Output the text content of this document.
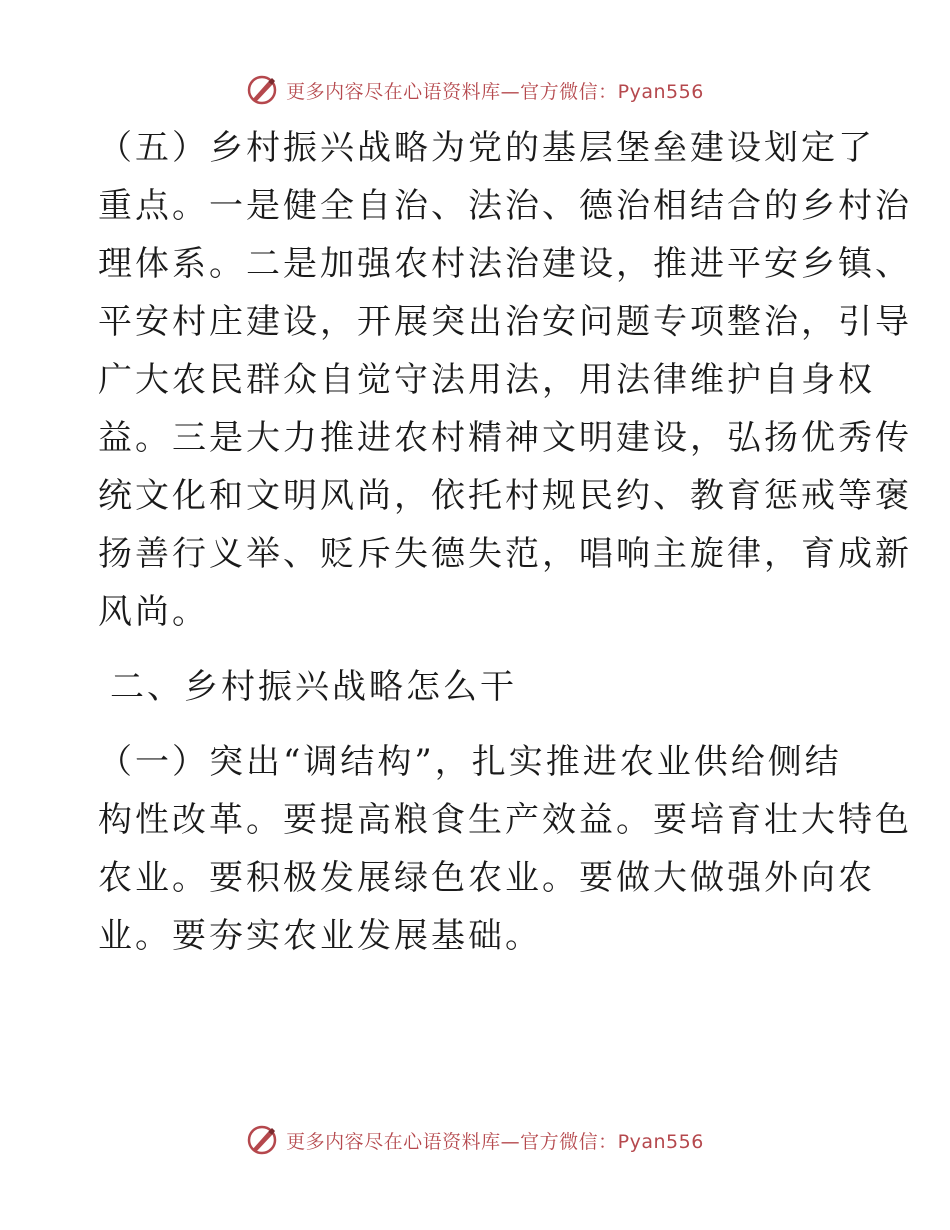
更多内容尽在心语资料库—官方微信：Pyan556
（五）乡村振兴战略为党的基层堡垒建设划定了
重点。一是健全自治、法治、德治相结合的乡村治
理体系。二是加强农村法治建设，推进平安乡镇、
平安村庄建设，开展突出治安问题专项整治，引导
广大农民群众自觉守法用法，用法律维护自身权
益。三是大力推进农村精神文明建设，弘扬优秀传
统文化和文明风尚，依托村规民约、教育惩戒等褒
扬善行义举、贬斥失德失范，唱响主旋律，育成新
风尚。
二、乡村振兴战略怎么干
（一）突出“调结构”，扎实推进农业供给侧结
构性改革。要提高粮食生产效益。要培育壮大特色
农业。要积极发展绿色农业。要做大做强外向农
业。要夯实农业发展基础。
更多内容尽在心语资料库—官方微信：Pyan556
